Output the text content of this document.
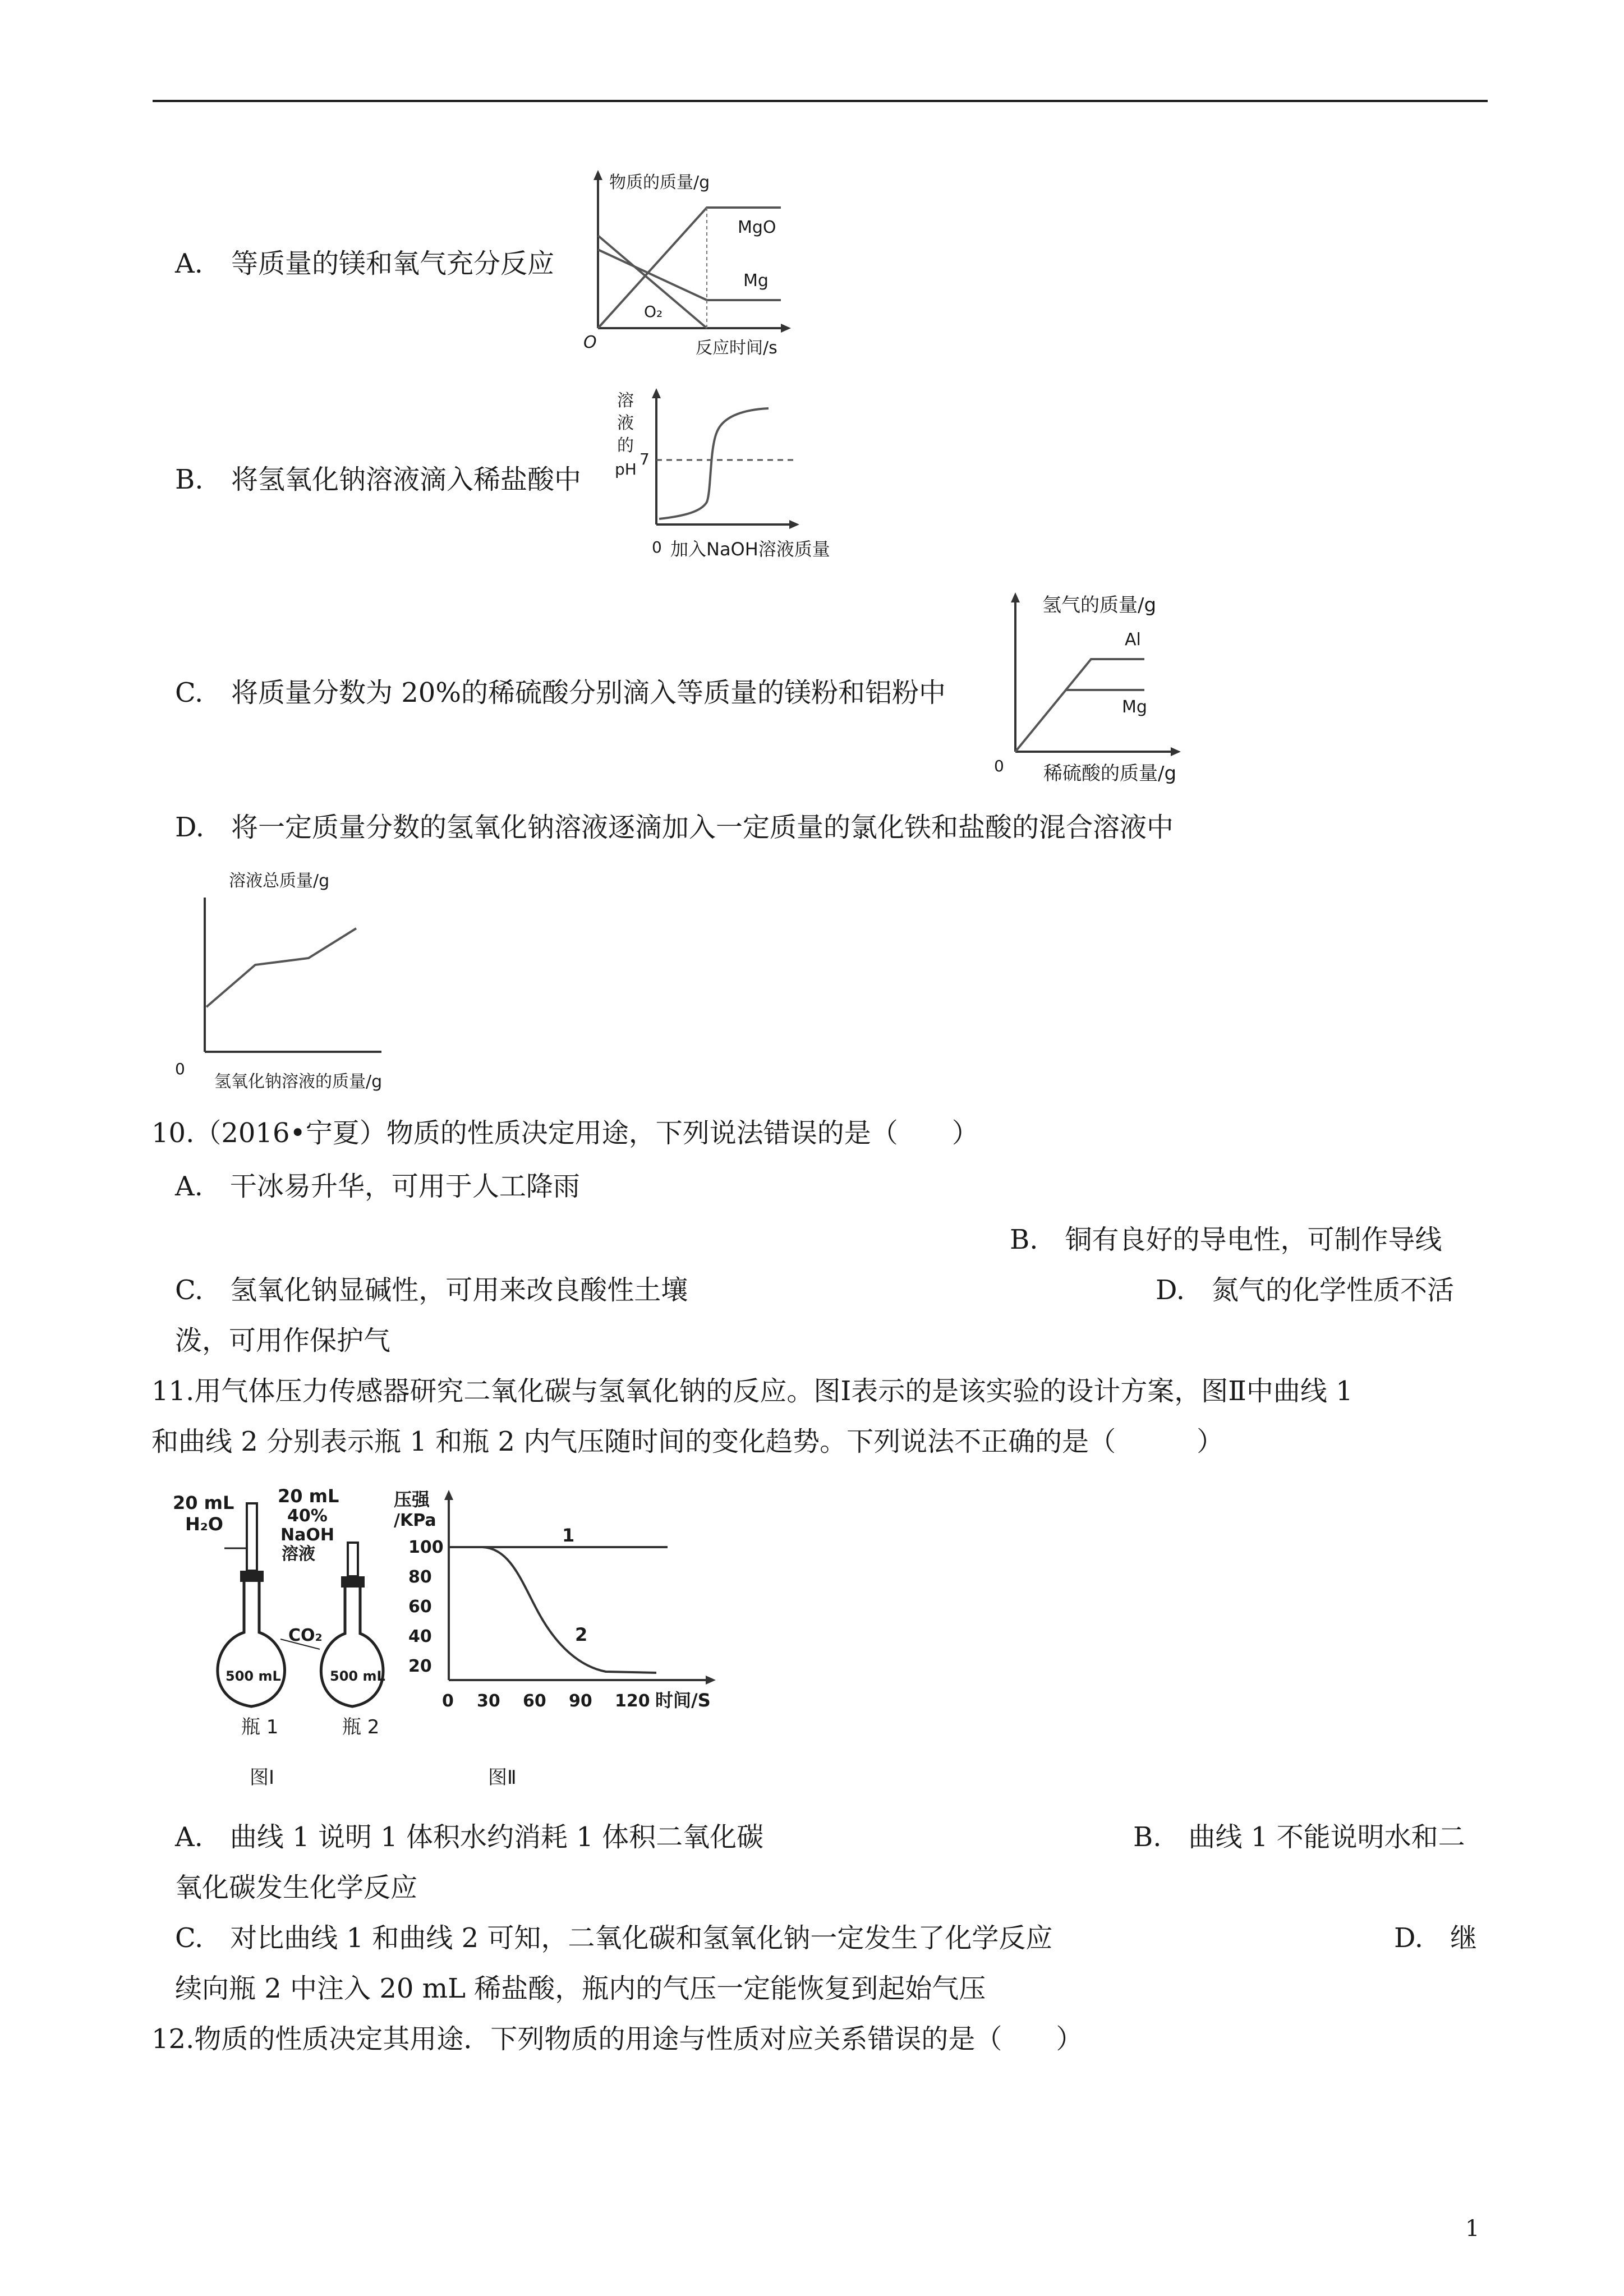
A. 等质量的镁和氧气充分反应
物质的质量/g
O	反应时间/s
MgO
Mg
O₂
B. 将氢氧化钠溶液滴入稀盐酸中
溶
液
的
pH
7
0 加入NaOH溶液质量
C. 将质量分数为 20%的稀硫酸分别滴入等质量的镁粉和铝粉中
氢气的质量/g
Al
Mg
0 稀硫酸的质量/g
D. 将一定质量分数的氢氧化钠溶液逐滴加入一定质量的氯化铁和盐酸的混合溶液中
溶液总质量/g
0
氢氧化钠溶液的质量/g
10.（2016•宁夏）物质的性质决定用途，下列说法错误的是（　　）
A.　干冰易升华，可用于人工降雨
B.　铜有良好的导电性，可制作导线
C.　氢氧化钠显碱性，可用来改良酸性土壤	D.　氮气的化学性质不活
泼，可用作保护气
11.用气体压力传感器研究二氧化碳与氢氧化钠的反应。图Ⅰ表示的是该实验的设计方案，图Ⅱ中曲线 1
和曲线 2 分别表示瓶 1 和瓶 2 内气压随时间的变化趋势。下列说法不正确的是（　　　）
20 mL
H₂O
20 mL
40%
NaOH
溶液
500 mL
CO₂
500 mL
瓶 1	瓶 2
图Ⅰ
压强
/KPa
100
80
60
40
20
0 30 60 90 120
1
2
时间/S
图Ⅱ
A.　曲线 1 说明 1 体积水约消耗 1 体积二氧化碳	B.　曲线 1 不能说明水和二
氧化碳发生化学反应
C.　对比曲线 1 和曲线 2 可知，二氧化碳和氢氧化钠一定发生了化学反应	D.　继
续向瓶 2 中注入 20 mL 稀盐酸，瓶内的气压一定能恢复到起始气压
12.物质的性质决定其用途．下列物质的用途与性质对应关系错误的是（　　）
1
